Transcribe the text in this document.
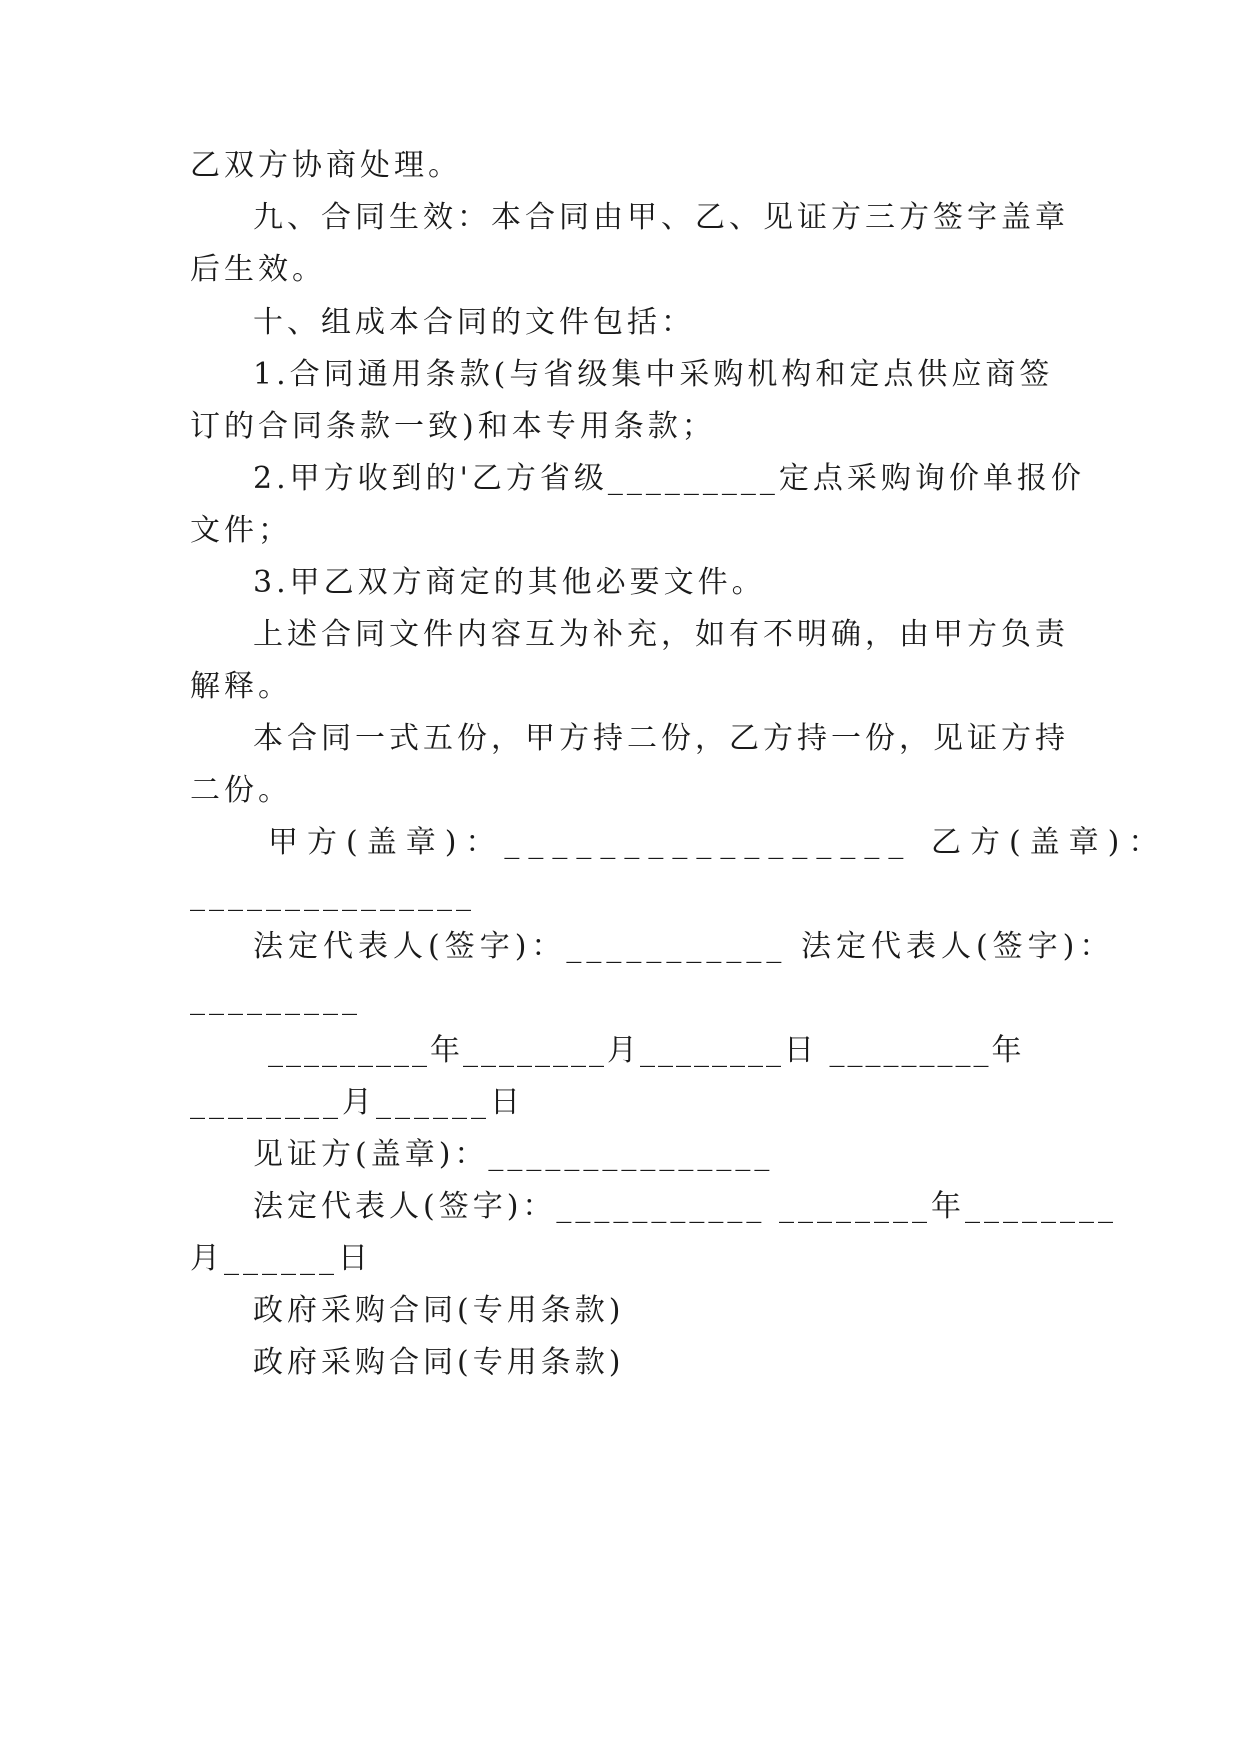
乙双方协商处理。
九、合同生效：本合同由甲、乙、见证方三方签字盖章
后生效。
十、组成本合同的文件包括：
1.合同通用条款(与省级集中采购机构和定点供应商签
订的合同条款一致)和本专用条款；
2.甲方收到的'乙方省级_________定点采购询价单报价
文件；
3.甲乙双方商定的其他必要文件。
上述合同文件内容互为补充，如有不明确，由甲方负责
解释。
本合同一式五份，甲方持二份，乙方持一份，见证方持
二份。
甲方(盖章)：_________________ 乙方(盖章)：
_______________
法定代表人(签字)：___________ 法定代表人(签字)：
_________
_________年________月________日 _________年
________月______日
见证方(盖章)：_______________
法定代表人(签字)：___________ ________年________
月______日
政府采购合同(专用条款)
政府采购合同(专用条款)
